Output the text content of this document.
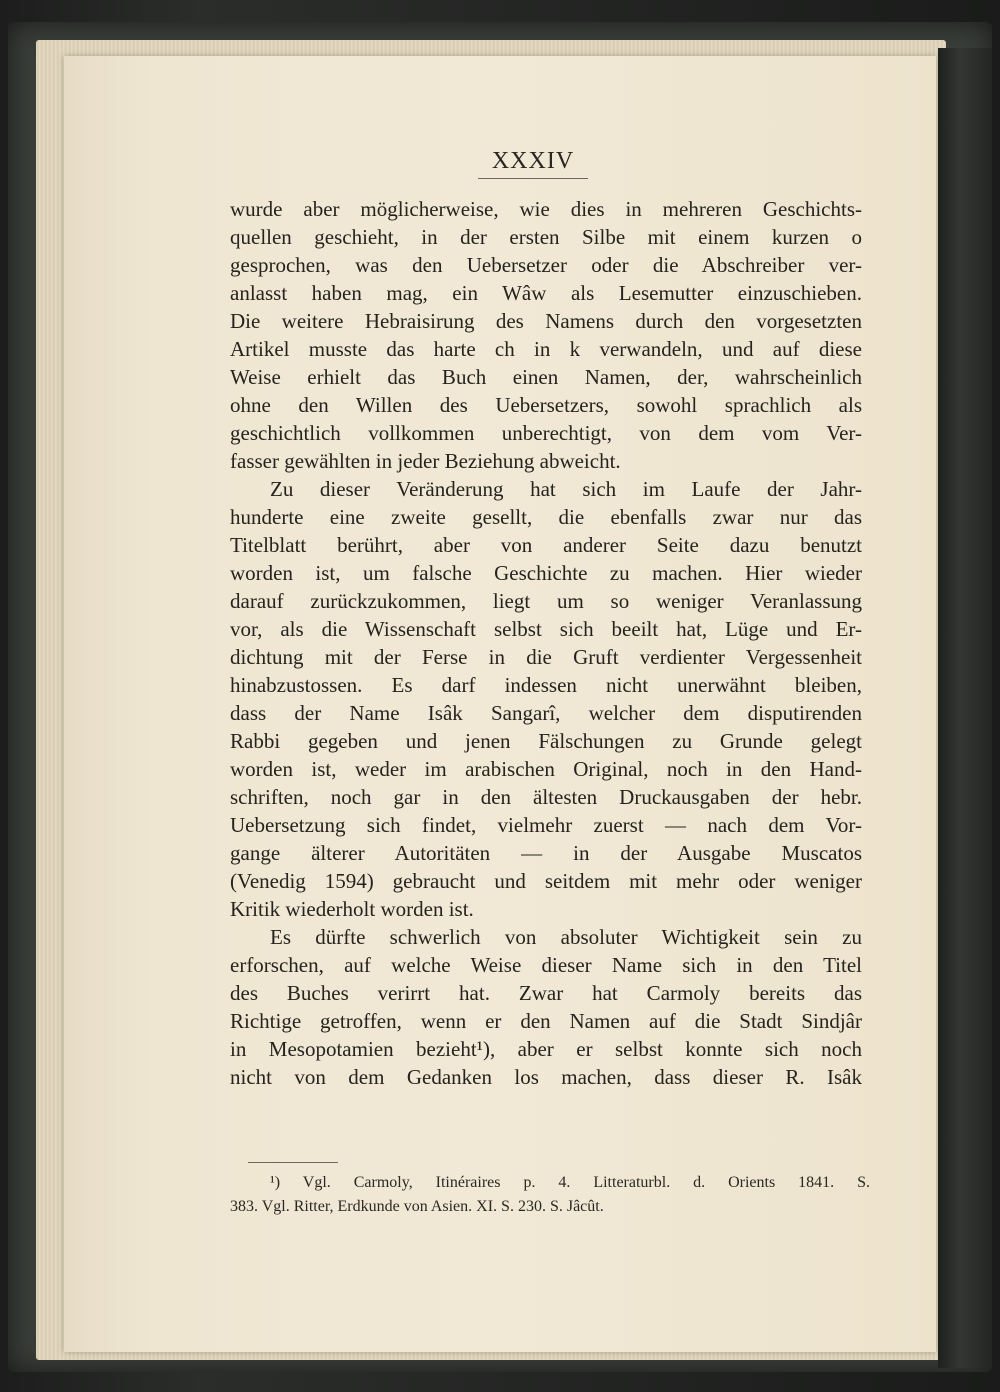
XXXIV
wurde aber möglicherweise, wie dies in mehreren Geschichts-
quellen geschieht, in der ersten Silbe mit einem kurzen o
gesprochen, was den Uebersetzer oder die Abschreiber ver-
anlasst haben mag, ein Wâw als Lesemutter einzuschieben.
Die weitere Hebraisirung des Namens durch den vorgesetzten
Artikel musste das harte ch in k verwandeln, und auf diese
Weise erhielt das Buch einen Namen, der, wahrscheinlich
ohne den Willen des Uebersetzers, sowohl sprachlich als
geschichtlich vollkommen unberechtigt, von dem vom Ver-
fasser gewählten in jeder Beziehung abweicht.
Zu dieser Veränderung hat sich im Laufe der Jahr-
hunderte eine zweite gesellt, die ebenfalls zwar nur das
Titelblatt berührt, aber von anderer Seite dazu benutzt
worden ist, um falsche Geschichte zu machen. Hier wieder
darauf zurückzukommen, liegt um so weniger Veranlassung
vor, als die Wissenschaft selbst sich beeilt hat, Lüge und Er-
dichtung mit der Ferse in die Gruft verdienter Vergessenheit
hinabzustossen. Es darf indessen nicht unerwähnt bleiben,
dass der Name Isâk Sangarî, welcher dem disputirenden
Rabbi gegeben und jenen Fälschungen zu Grunde gelegt
worden ist, weder im arabischen Original, noch in den Hand-
schriften, noch gar in den ältesten Druckausgaben der hebr.
Uebersetzung sich findet, vielmehr zuerst — nach dem Vor-
gange älterer Autoritäten — in der Ausgabe Muscatos
(Venedig 1594) gebraucht und seitdem mit mehr oder weniger
Kritik wiederholt worden ist.
Es dürfte schwerlich von absoluter Wichtigkeit sein zu
erforschen, auf welche Weise dieser Name sich in den Titel
des Buches verirrt hat. Zwar hat Carmoly bereits das
Richtige getroffen, wenn er den Namen auf die Stadt Sindjâr
in Mesopotamien bezieht¹), aber er selbst konnte sich noch
nicht von dem Gedanken los machen, dass dieser R. Isâk
¹) Vgl. Carmoly, Itinéraires p. 4. Litteraturbl. d. Orients 1841. S.
383. Vgl. Ritter, Erdkunde von Asien. XI. S. 230. S. Jâcût.
